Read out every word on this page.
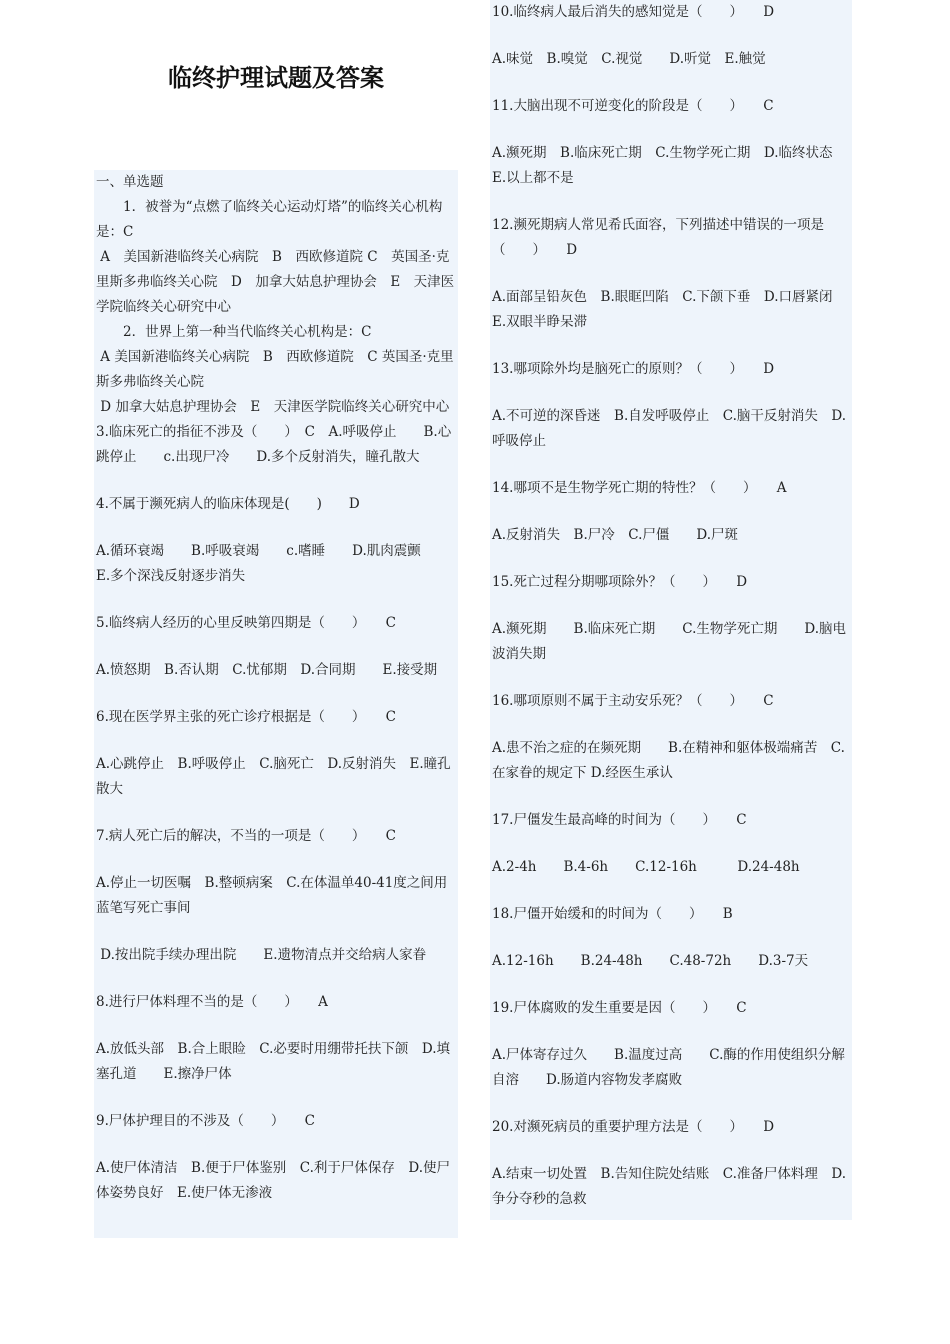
临终护理试题及答案
一、单选题
1．被誉为“点燃了临终关心运动灯塔”的临终关心机构是：C
A　美国新港临终关心病院　B　西欧修道院 C　英国圣·克里斯多弗临终关心院　D　加拿大姑息护理协会　E　天津医学院临终关心研究中心
2．世界上第一种当代临终关心机构是：C
A 美国新港临终关心病院　B　西欧修道院　C 英国圣·克里斯多弗临终关心院
D 加拿大姑息护理协会　E　天津医学院临终关心研究中心　　　3.临床死亡的指征不涉及（　　）　C　A.呼吸停止　　B.心跳停止　　c.出现尸冷　　D.多个反射消失，瞳孔散大
4.不属于濒死病人的临床体现是(　　)　　D
A.循环衰竭　　B.呼吸衰竭　　c.嗜睡　　D.肌肉震颤　　E.多个深浅反射逐步消失
5.临终病人经历的心里反映第四期是（　　）　　C
A.愤怒期　B.否认期　C.忧郁期　D.合同期　　E.接受期
6.现在医学界主张的死亡诊疗根据是（　　）　　C
A.心跳停止　B.呼吸停止　C.脑死亡　D.反射消失　E.瞳孔散大
7.病人死亡后的解决，不当的一项是（　　）　　C
A.停止一切医嘱　B.整顿病案　C.在体温单40-41度之间用蓝笔写死亡事间
D.按出院手续办理出院　　E.遗物清点并交给病人家眷
8.进行尸体料理不当的是（　　）　　A
A.放低头部　B.合上眼睑　C.必要时用绷带托扶下颌　D.填塞孔道　　E.擦净尸体
9.尸体护理目的不涉及（　　）　　C
A.使尸体清洁　B.便于尸体鉴别　C.利于尸体保存　D.使尸体姿势良好　E.使尸体无渗液
10.临终病人最后消失的感知觉是（　　）　　D
A.味觉　B.嗅觉　C.视觉　　D.听觉　E.触觉
11.大脑出现不可逆变化的阶段是（　　）　　C
A.濒死期　B.临床死亡期　C.生物学死亡期　D.临终状态　E.以上都不是
12.濒死期病人常见希氏面容，下列描述中错误的一项是（　　）　　D
A.面部呈铅灰色　B.眼眶凹陷　C.下颌下垂　D.口唇紧闭　E.双眼半睁呆滞
13.哪项除外均是脑死亡的原则？（　　）　　D
A.不可逆的深昏迷　B.自发呼吸停止　C.脑干反射消失　D.呼吸停止
14.哪项不是生物学死亡期的特性？（　　）　　A
A.反射消失　B.尸冷　C.尸僵　　D.尸斑
15.死亡过程分期哪项除外？（　　）　　D
A.濒死期　　B.临床死亡期　　C.生物学死亡期　　D.脑电波消失期
16.哪项原则不属于主动安乐死？（　　）　　C
A.患不治之症的在频死期　　B.在精神和躯体极端痛苦　C.在家眷的规定下 D.经医生承认
17.尸僵发生最高峰的时间为（　　）　　C
A.2-4h　　B.4-6h　　C.12-16h　　　D.24-48h
18.尸僵开始缓和的时间为（　　）　　B
A.12-16h　　B.24-48h　　C.48-72h　　D.3-7天
19.尸体腐败的发生重要是因（　　）　　C
A.尸体寄存过久　　B.温度过高　　C.酶的作用使组织分解自溶　　D.肠道内容物发孝腐败
20.对濒死病员的重要护理方法是（　　）　　D
A.结束一切处置　B.告知住院处结账　C.准备尸体料理　D.争分夺秒的急救
